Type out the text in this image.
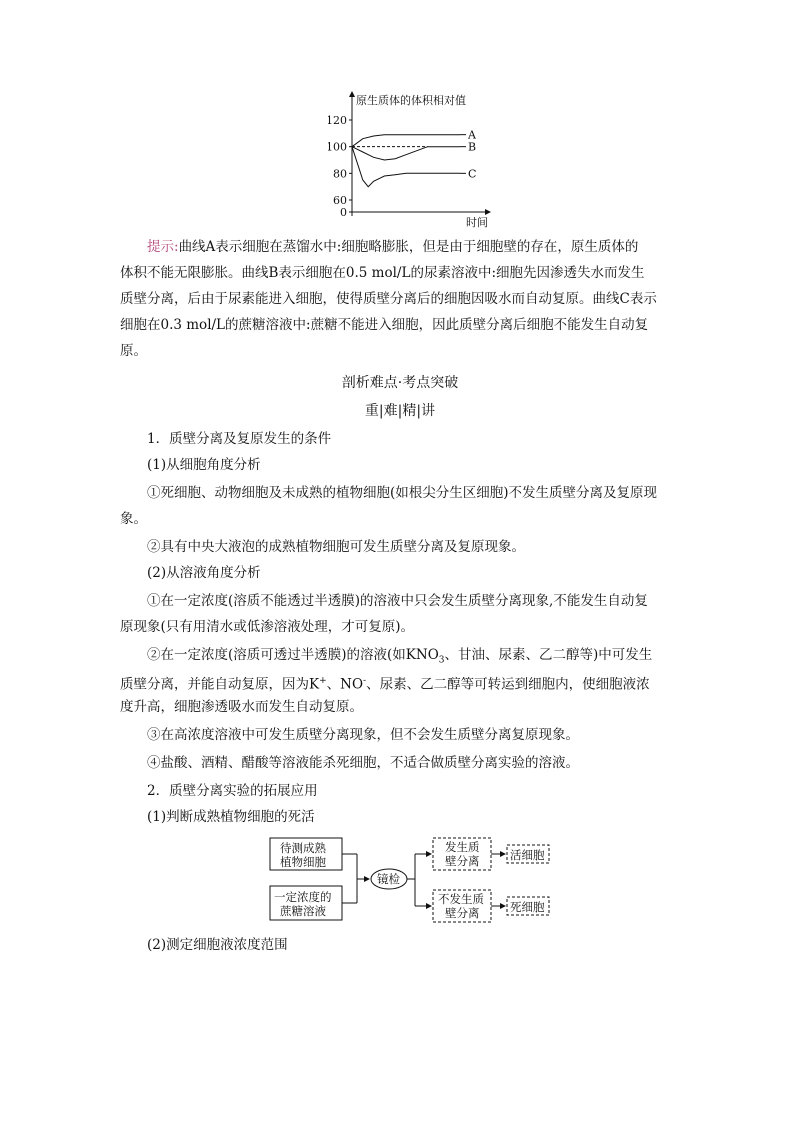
原生质体的体积相对值
时间
120
100
80
60
0
A
B
C

提示:曲线A表示细胞在蒸馏水中:细胞略膨胀，但是由于细胞壁的存在，原生质体的

体积不能无限膨胀。曲线B表示细胞在0.5 mol/L的尿素溶液中:细胞先因渗透失水而发生

质壁分离，后由于尿素能进入细胞，使得质壁分离后的细胞因吸水而自动复原。曲线C表示

细胞在0.3 mol/L的蔗糖溶液中:蔗糖不能进入细胞，因此质壁分离后细胞不能发生自动复

原。

剖析难点·考点突破

重|难|精|讲

1．质壁分离及复原发生的条件

(1)从细胞角度分析

①死细胞、动物细胞及未成熟的植物细胞(如根尖分生区细胞)不发生质壁分离及复原现

象。

②具有中央大液泡的成熟植物细胞可发生质壁分离及复原现象。

(2)从溶液角度分析

①在一定浓度(溶质不能透过半透膜)的溶液中只会发生质壁分离现象,不能发生自动复

原现象(只有用清水或低渗溶液处理，才可复原)。

②在一定浓度(溶质可透过半透膜)的溶液(如$KNO_3$、甘油、尿素、乙二醇等)中可发生

质壁分离，并能自动复原，因为K+、NO-、尿素、乙二醇等可转运到细胞内，使细胞液浓

度升高，细胞渗透吸水而发生自动复原。

③在高浓度溶液中可发生质壁分离现象，但不会发生质壁分离复原现象。

④盐酸、酒精、醋酸等溶液能杀死细胞，不适合做质壁分离实验的溶液。

2．质壁分离实验的拓展应用

(1)判断成熟植物细胞的死活

待测成熟
植物细胞
一定浓度的
蔗糖溶液
镜检
发生质
壁分离	活细胞
不发生质
壁分离	死细胞

(2)测定细胞液浓度范围
